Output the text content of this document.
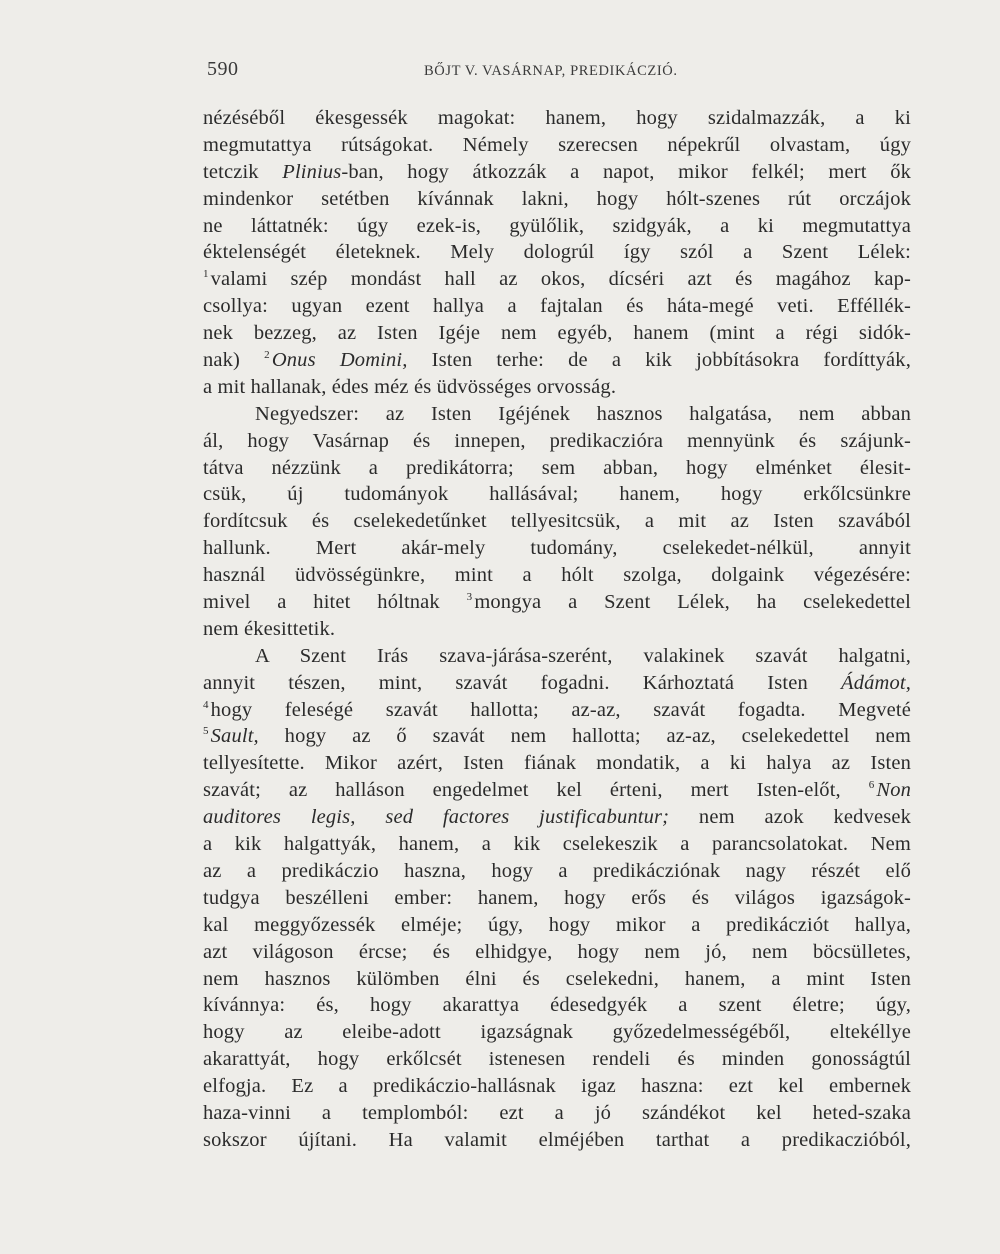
590	BŐJT V. VASÁRNAP, PREDIKÁCZIÓ.
nézéséből ékesgessék magokat: hanem, hogy szidalmazzák, a ki
megmutattya rútságokat. Némely szerecsen népekrűl olvastam, úgy
tetczik Plinius-ban, hogy átkozzák a napot, mikor felkél; mert ők
mindenkor setétben kívánnak lakni, hogy hólt-szenes rút orczájok
ne láttatnék: úgy ezek-is, gyülőlik, szidgyák, a ki megmutattya
éktelenségét életeknek. Mely dologrúl így szól a Szent Lélek:
$^1$valami szép mondást hall az okos, dícséri azt és magához kap-
csollya: ugyan ezent hallya a fajtalan és háta-megé veti. Efféllék-
nek bezzeg, az Isten Igéje nem egyéb, hanem (mint a régi sidók-
nak) $^2$Onus Domini, Isten terhe: de a kik jobbításokra fordíttyák,
a mit hallanak, édes méz és üdvösséges orvosság.
Negyedszer: az Isten Igéjének hasznos halgatása, nem abban
ál, hogy Vasárnap és innepen, predikaczióra mennyünk és szájunk-
tátva nézzünk a predikátorra; sem abban, hogy elménket élesit-
csük, új tudományok hallásával; hanem, hogy erkőlcsünkre
fordítcsuk és cselekedetűnket tellyesitcsük, a mit az Isten szavából
hallunk. Mert akár-mely tudomány, cselekedet-nélkül, annyit
használ üdvösségünkre, mint a hólt szolga, dolgaink végezésére:
mivel a hitet hóltnak $^3$mongya a Szent Lélek, ha cselekedettel
nem ékesittetik.
A Szent Irás szava-járása-szerént, valakinek szavát halgatni,
annyit tészen, mint, szavát fogadni. Kárhoztatá Isten Ádámot,
$^4$hogy feleségé szavát hallotta; az-az, szavát fogadta. Megveté
$^5$Sault, hogy az ő szavát nem hallotta; az-az, cselekedettel nem
tellyesítette. Mikor azért, Isten fiának mondatik, a ki halya az Isten
szavát; az halláson engedelmet kel érteni, mert Isten-előt,	$^6$Non
auditores legis, sed factores justificabuntur; nem azok kedvesek
a kik halgattyák, hanem, a kik cselekeszik a parancsolatokat. Nem
az a predikáczio haszna, hogy a predikácziónak nagy részét elő
tudgya beszélleni ember: hanem, hogy erős és világos igazságok-
kal meggyőzessék elméje; úgy, hogy mikor a predikácziót hallya,
azt világoson ércse; és elhidgye, hogy nem jó, nem böcsülletes,
nem hasznos külömben élni és cselekedni, hanem, a mint Isten
kívánnya: és, hogy akarattya édesedgyék a szent életre; úgy,
hogy az eleibe-adott igazságnak győzedelmességéből, eltekéllye
akarattyát, hogy erkőlcsét istenesen rendeli és minden gonosságtúl
elfogja. Ez a predikáczio-hallásnak igaz haszna: ezt kel embernek
haza-vinni a templomból: ezt a jó szándékot kel heted-szaka
sokszor újítani. Ha valamit elméjében tarthat a predikaczióból,
